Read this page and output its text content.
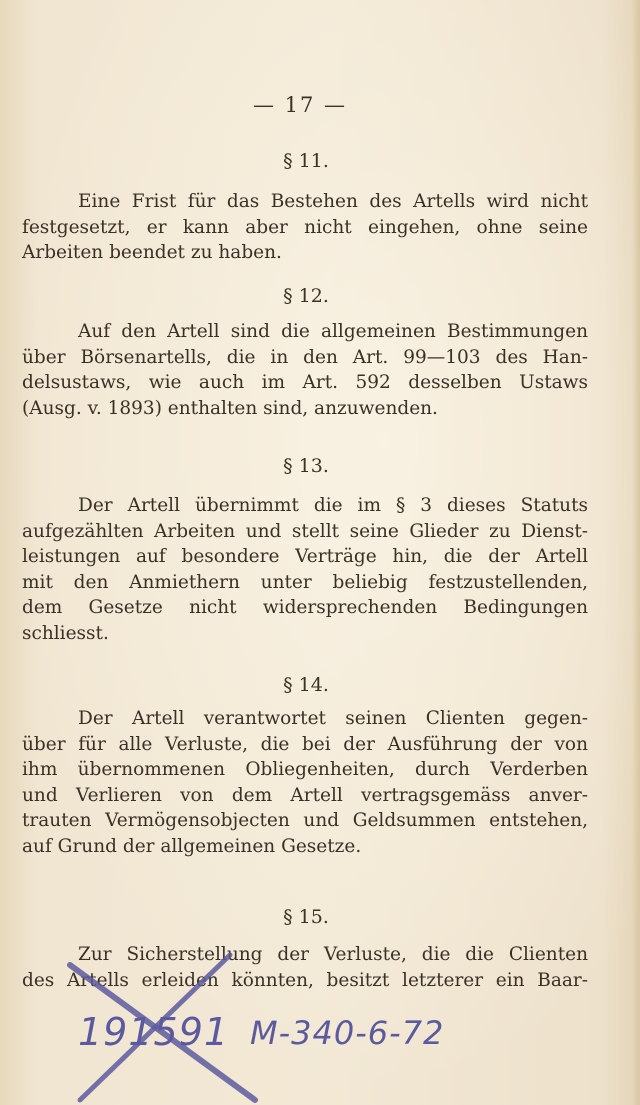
— 17 —
§ 11.
Eine Frist für das Bestehen des Artells wird nicht
festgesetzt, er kann aber nicht eingehen, ohne seine
Arbeiten beendet zu haben.
§ 12.
Auf den Artell sind die allgemeinen Bestimmungen
über Börsenartells, die in den Art. 99—103 des Han-
delsustaws, wie auch im Art. 592 desselben Ustaws
(Ausg. v. 1893) enthalten sind, anzuwenden.
§ 13.
Der Artell übernimmt die im § 3 dieses Statuts
aufgezählten Arbeiten und stellt seine Glieder zu Dienst-
leistungen auf besondere Verträge hin, die der Artell
mit den Anmiethern unter beliebig festzustellenden,
dem Gesetze nicht widersprechenden Bedingungen
schliesst.
§ 14.
Der Artell verantwortet seinen Clienten gegen-
über für alle Verluste, die bei der Ausführung der von
ihm übernommenen Obliegenheiten, durch Verderben
und Verlieren von dem Artell vertragsgemäss anver-
trauten Vermögensobjecten und Geldsummen entstehen,
auf Grund der allgemeinen Gesetze.
§ 15.
Zur Sicherstellung der Verluste, die die Clienten
des Artells erleiden könnten, besitzt letzterer ein Baar-
191591 M-340-6-72
